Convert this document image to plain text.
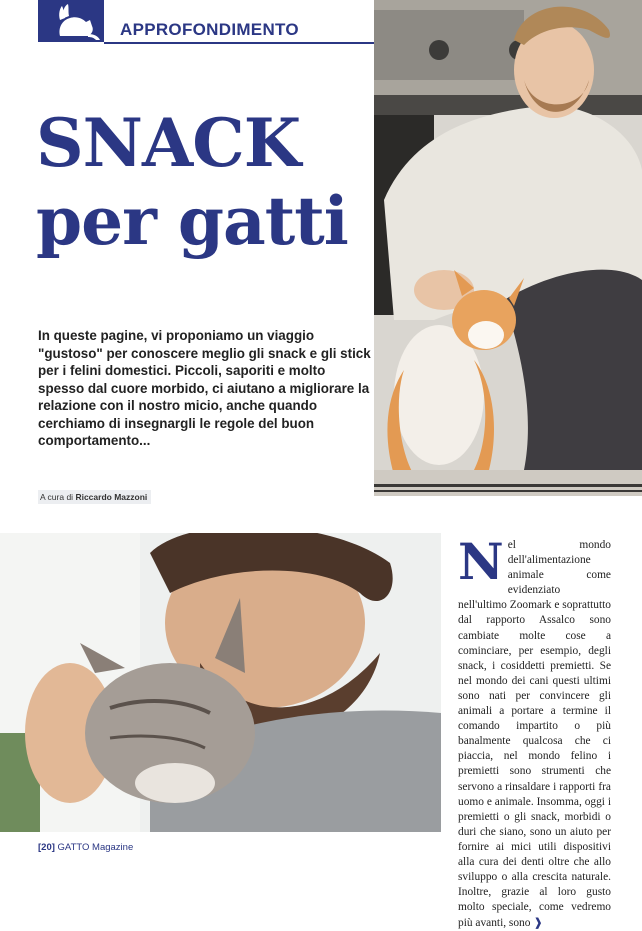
APPROFONDIMENTO
SNACK
per gatti
In queste pagine, vi proponiamo un viaggio "gustoso" per conoscere meglio gli snack e gli stick per i felini domestici. Piccoli, saporiti e molto spesso dal cuore morbido, ci aiutano a migliorare la relazione con il nostro micio, anche quando cerchiamo di insegnargli le regole del buon comportamento...
A cura di Riccardo Mazzoni
Nel mondo dell'alimentazione animale come evidenziato nell'ultimo Zoomark e soprattutto dal rapporto Assalco sono cambiate molte cose a cominciare, per esempio, degli snack, i cosiddetti premietti. Se nel mondo dei cani questi ultimi sono nati per convincere gli animali a portare a termine il comando impartito o più banalmente qualcosa che ci piaccia, nel mondo felino i premietti sono strumenti che servono a rinsaldare i rapporti fra uomo e animale. Insomma, oggi i premietti o gli snack, morbidi o duri che siano, sono un aiuto per fornire ai mici utili dispositivi alla cura dei denti oltre che allo sviluppo o alla crescita naturale. Inoltre, grazie al loro gusto molto speciale, come vedremo più avanti, sono ❱
[20] GATTO Magazine
